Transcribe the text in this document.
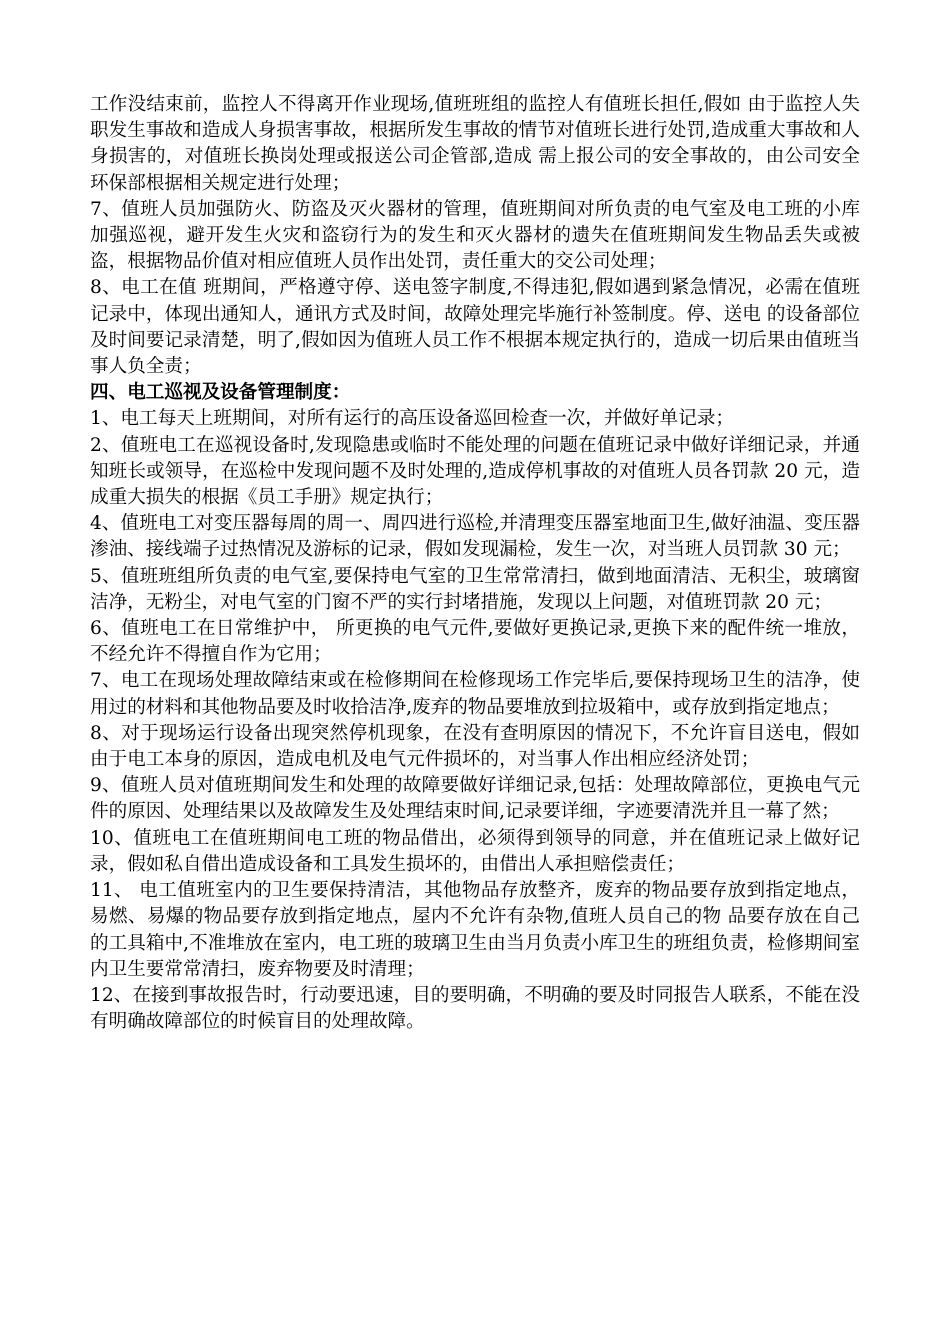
工作没结束前，监控人不得离开作业现场,值班班组的监控人有值班长担任,假如 由于监控人失职发生事故和造成人身损害事故，根据所发生事故的情节对值班长进行处罚,造成重大事故和人身损害的，对值班长换岗处理或报送公司企管部,造成 需上报公司的安全事故的，由公司安全环保部根据相关规定进行处理；

7、值班人员加强防火、防盗及灭火器材的管理，值班期间对所负责的电气室及电工班的小库加强巡视，避开发生火灾和盗窃行为的发生和灭火器材的遗失在值班期间发生物品丢失或被盗，根据物品价值对相应值班人员作出处罚，责任重大的交公司处理；

8、电工在值 班期间，严格遵守停、送电签字制度,不得违犯,假如遇到紧急情况，必需在值班记录中，体现出通知人，通讯方式及时间，故障处理完毕施行补签制度。停、送电 的设备部位及时间要记录清楚，明了,假如因为值班人员工作不根据本规定执行的，造成一切后果由值班当事人负全责；

四、电工巡视及设备管理制度：

1、电工每天上班期间，对所有运行的高压设备巡回检查一次，并做好单记录；

2、值班电工在巡视设备时,发现隐患或临时不能处理的问题在值班记录中做好详细记录，并通知班长或领导，在巡检中发现问题不及时处理的,造成停机事故的对值班人员各罚款 20 元，造成重大损失的根据《员工手册》规定执行；

4、值班电工对变压器每周的周一、周四进行巡检,并清理变压器室地面卫生,做好油温、变压器渗油、接线端子过热情况及游标的记录，假如发现漏检，发生一次，对当班人员罚款 30 元；

5、值班班组所负责的电气室,要保持电气室的卫生常常清扫，做到地面清洁、无积尘，玻璃窗洁净，无粉尘，对电气室的门窗不严的实行封堵措施，发现以上问题，对值班罚款 20 元；

6、值班电工在日常维护中， 所更换的电气元件,要做好更换记录,更换下来的配件统一堆放，不经允许不得擅自作为它用；

7、电工在现场处理故障结束或在检修期间在检修现场工作完毕后,要保持现场卫生的洁净，使用过的材料和其他物品要及时收拾洁净,废弃的物品要堆放到拉圾箱中，或存放到指定地点；

8、对于现场运行设备出现突然停机现象，在没有查明原因的情况下，不允许盲目送电，假如由于电工本身的原因，造成电机及电气元件损坏的，对当事人作出相应经济处罚；

9、值班人员对值班期间发生和处理的故障要做好详细记录,包括：处理故障部位，更换电气元件的原因、处理结果以及故障发生及处理结束时间,记录要详细，字迹要清洗并且一幕了然；

10、值班电工在值班期间电工班的物品借出，必须得到领导的同意，并在值班记录上做好记录，假如私自借出造成设备和工具发生损坏的，由借出人承担赔偿责任；

11、 电工值班室内的卫生要保持清洁，其他物品存放整齐，废弃的物品要存放到指定地点，易燃、易爆的物品要存放到指定地点，屋内不允许有杂物,值班人员自己的物 品要存放在自己的工具箱中,不准堆放在室内，电工班的玻璃卫生由当月负责小库卫生的班组负责，检修期间室内卫生要常常清扫，废弃物要及时清理；

12、在接到事故报告时，行动要迅速，目的要明确，不明确的要及时同报告人联系，不能在没有明确故障部位的时候盲目的处理故障。
